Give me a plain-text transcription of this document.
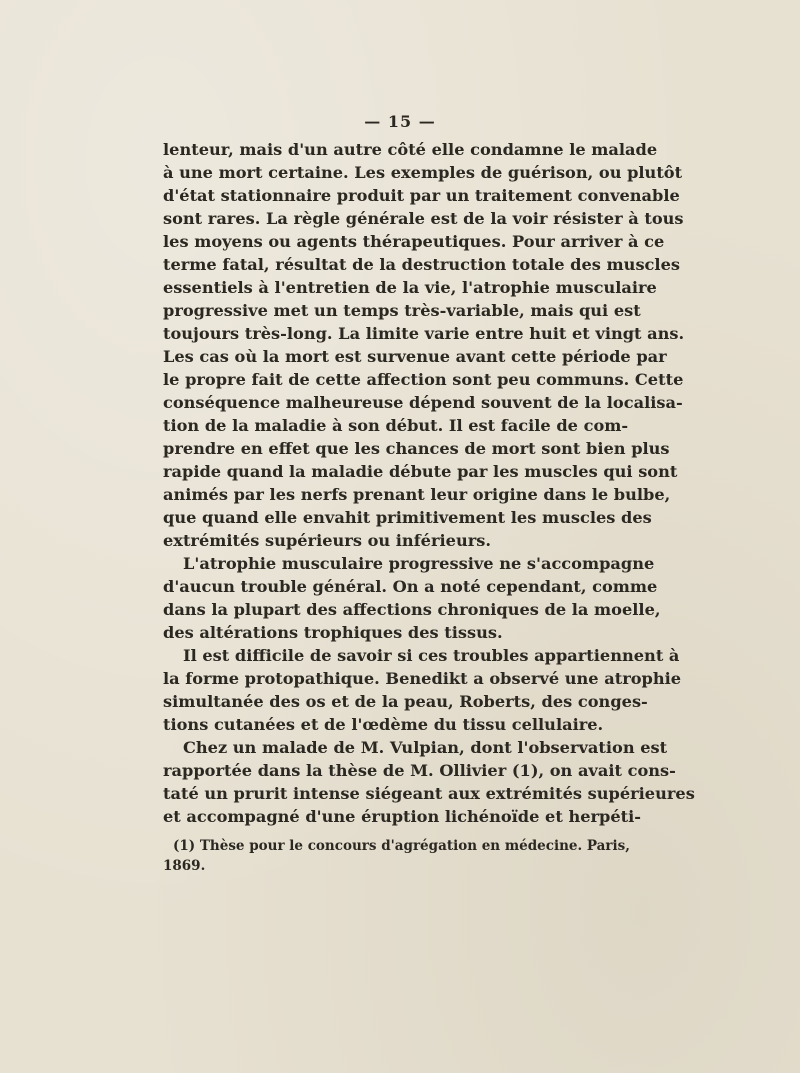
— 15 —
lenteur, mais d'un autre côté elle condamne le malade
à une mort certaine. Les exemples de guérison, ou plutôt
d'état stationnaire produit par un traitement convenable
sont rares. La règle générale est de la voir résister à tous
les moyens ou agents thérapeutiques. Pour arriver à ce
terme fatal, résultat de la destruction totale des muscles
essentiels à l'entretien de la vie, l'atrophie musculaire
progressive met un temps très-variable, mais qui est
toujours très-long. La limite varie entre huit et vingt ans.
Les cas où la mort est survenue avant cette période par
le propre fait de cette affection sont peu communs. Cette
conséquence malheureuse dépend souvent de la localisa-
tion de la maladie à son début. Il est facile de com-
prendre en effet que les chances de mort sont bien plus
rapide quand la maladie débute par les muscles qui sont
animés par les nerfs prenant leur origine dans le bulbe,
que quand elle envahit primitivement les muscles des
extrémités supérieurs ou inférieurs.
L'atrophie musculaire progressive ne s'accompagne
d'aucun trouble général. On a noté cependant, comme
dans la plupart des affections chroniques de la moelle,
des altérations trophiques des tissus.
Il est difficile de savoir si ces troubles appartiennent à
la forme protopathique. Benedikt a observé une atrophie
simultanée des os et de la peau, Roberts, des conges-
tions cutanées et de l'œdème du tissu cellulaire.
Chez un malade de M. Vulpian, dont l'observation est
rapportée dans la thèse de M. Ollivier (1), on avait cons-
taté un prurit intense siégeant aux extrémités supérieures
et accompagné d'une éruption lichénoïde et herpéti-
(1) Thèse pour le concours d'agrégation en médecine. Paris,
1869.
